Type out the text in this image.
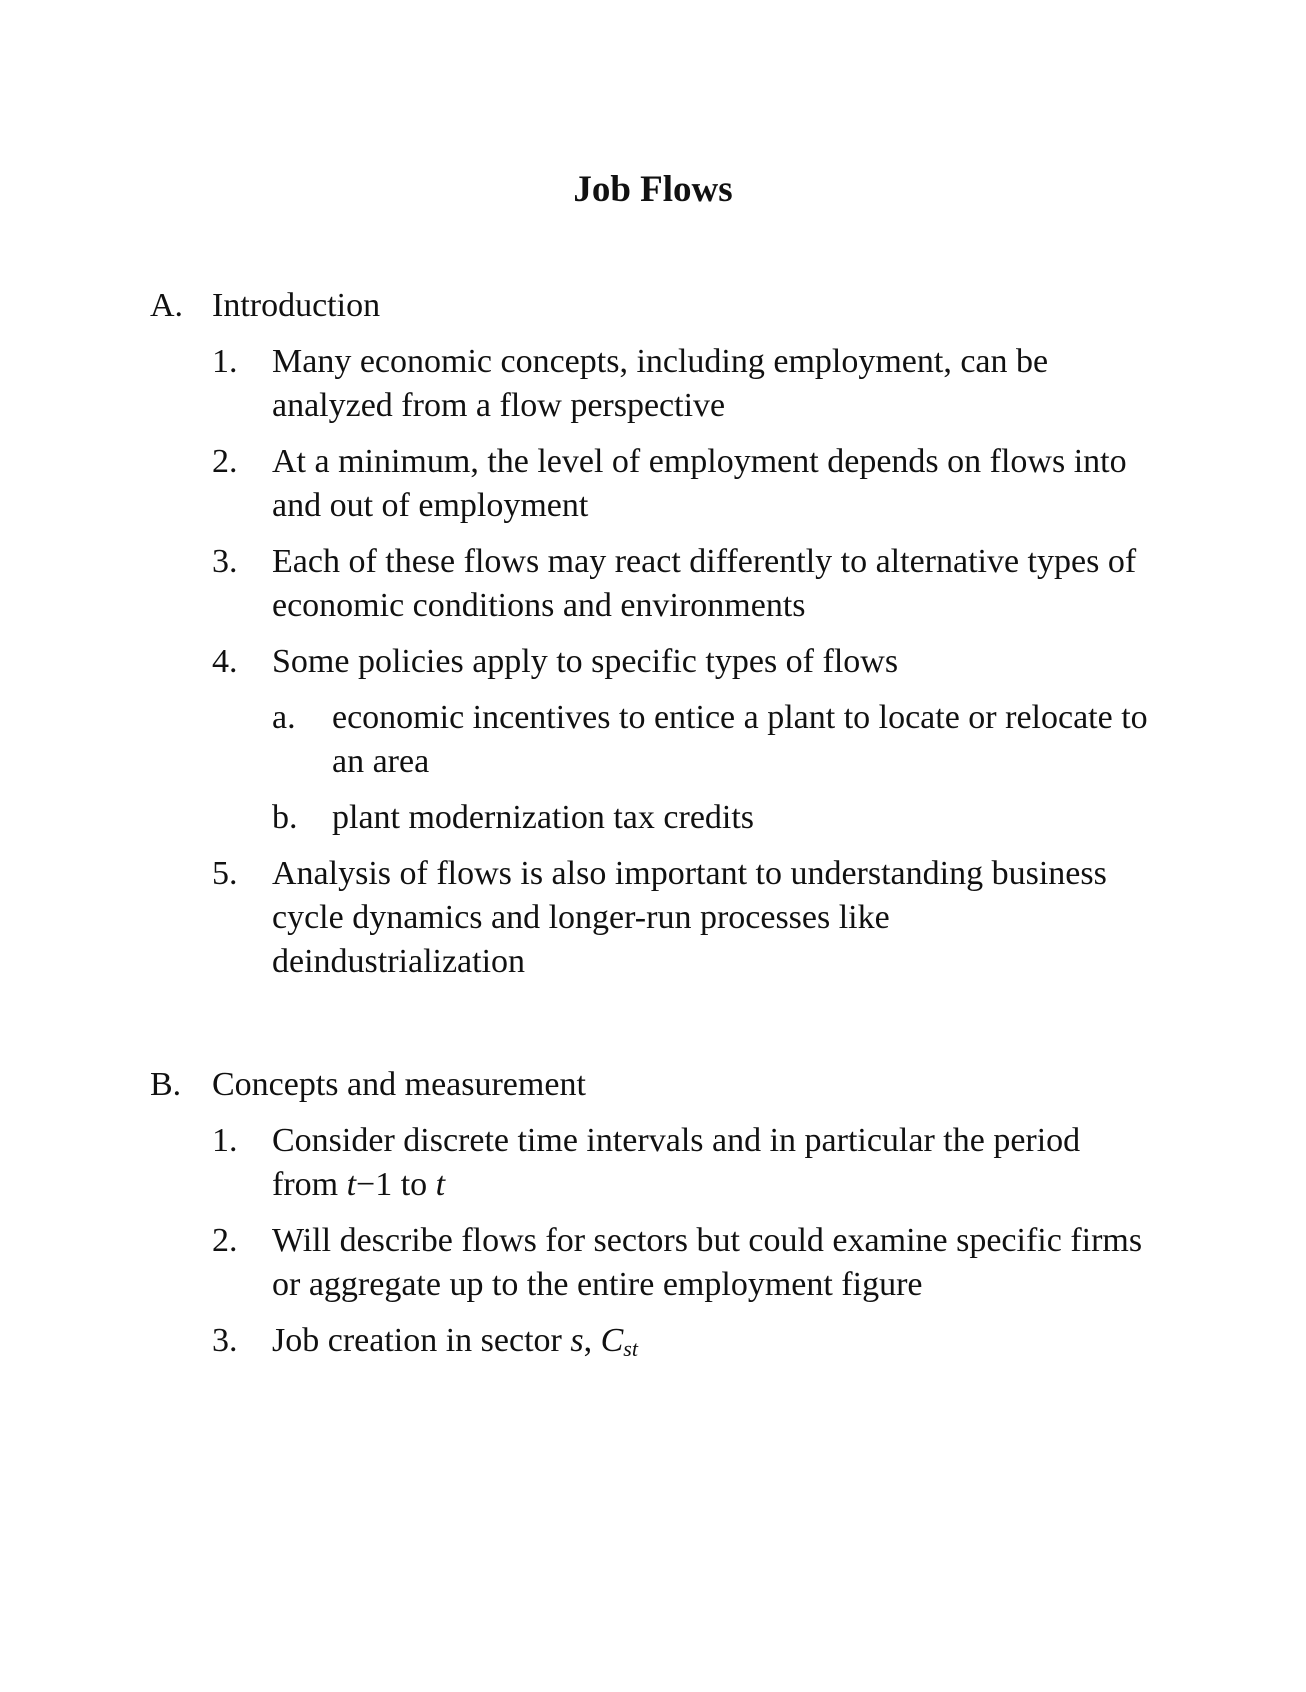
Job Flows
A. Introduction
1.	Many economic concepts, including employment, can be analyzed from a flow perspective
2.	At a minimum, the level of employment depends on flows into and out of employment
3.	Each of these flows may react differently to alternative types of economic conditions and environments
4.	Some policies apply to specific types of flows
a.	economic incentives to entice a plant to locate or relocate to an area
b.	plant modernization tax credits
5.	Analysis of flows is also important to understanding business cycle dynamics and longer-run processes like deindustrialization
B. Concepts and measurement
1.	Consider discrete time intervals and in particular the period from t−1 to t
2.	Will describe flows for sectors but could examine specific firms or aggregate up to the entire employment figure
3.	Job creation in sector s, $C_{st}$
